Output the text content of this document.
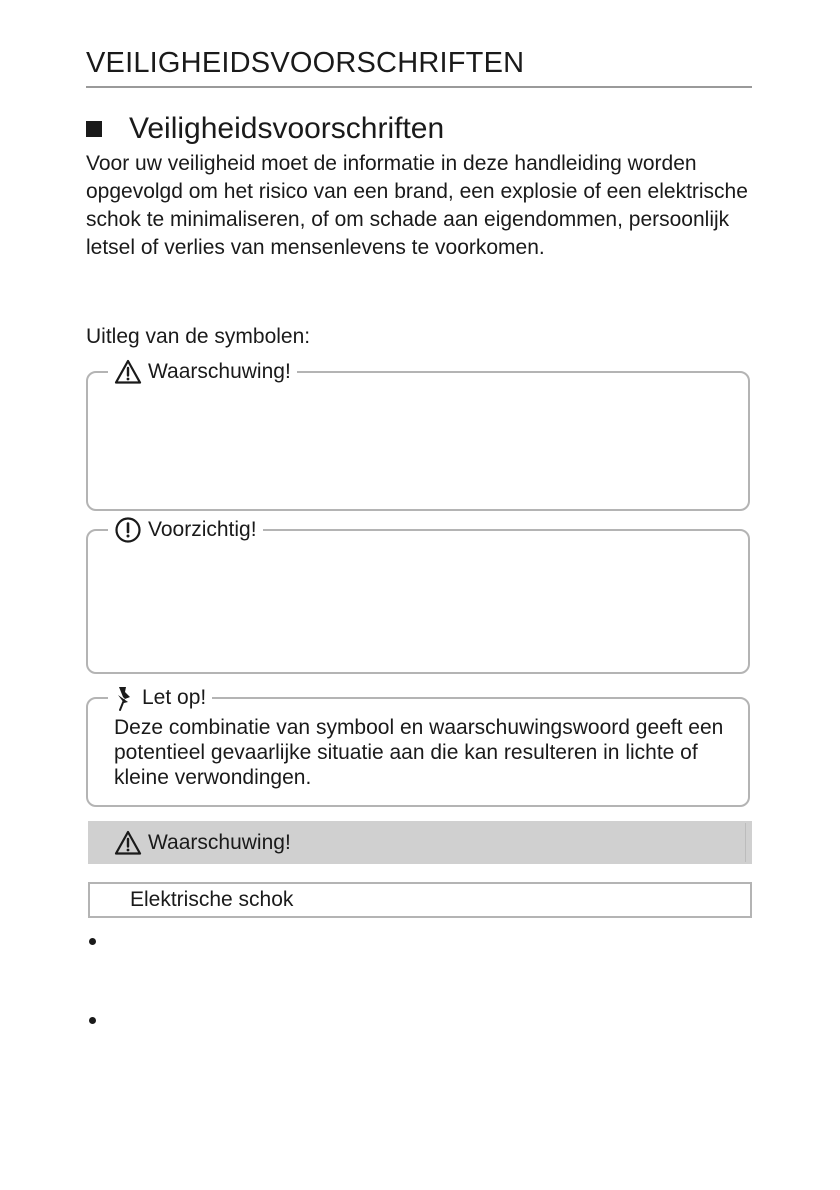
VEILIGHEIDSVOORSCHRIFTEN
Veiligheidsvoorschriften
Voor uw veiligheid moet de informatie in deze handleiding worden opgevolgd om het risico van een brand, een explosie of een elektrische schok te minimaliseren, of om schade aan eigendommen, persoonlijk letsel of verlies van mensenlevens te voorkomen.
Uitleg van de symbolen:
Waarschuwing!
Voorzichtig!
Let op!
Deze combinatie van symbool en waarschuwingswoord geeft een potentieel gevaarlijke situatie aan die kan resulteren in lichte of kleine verwondingen.
Waarschuwing!
Elektrische schok
